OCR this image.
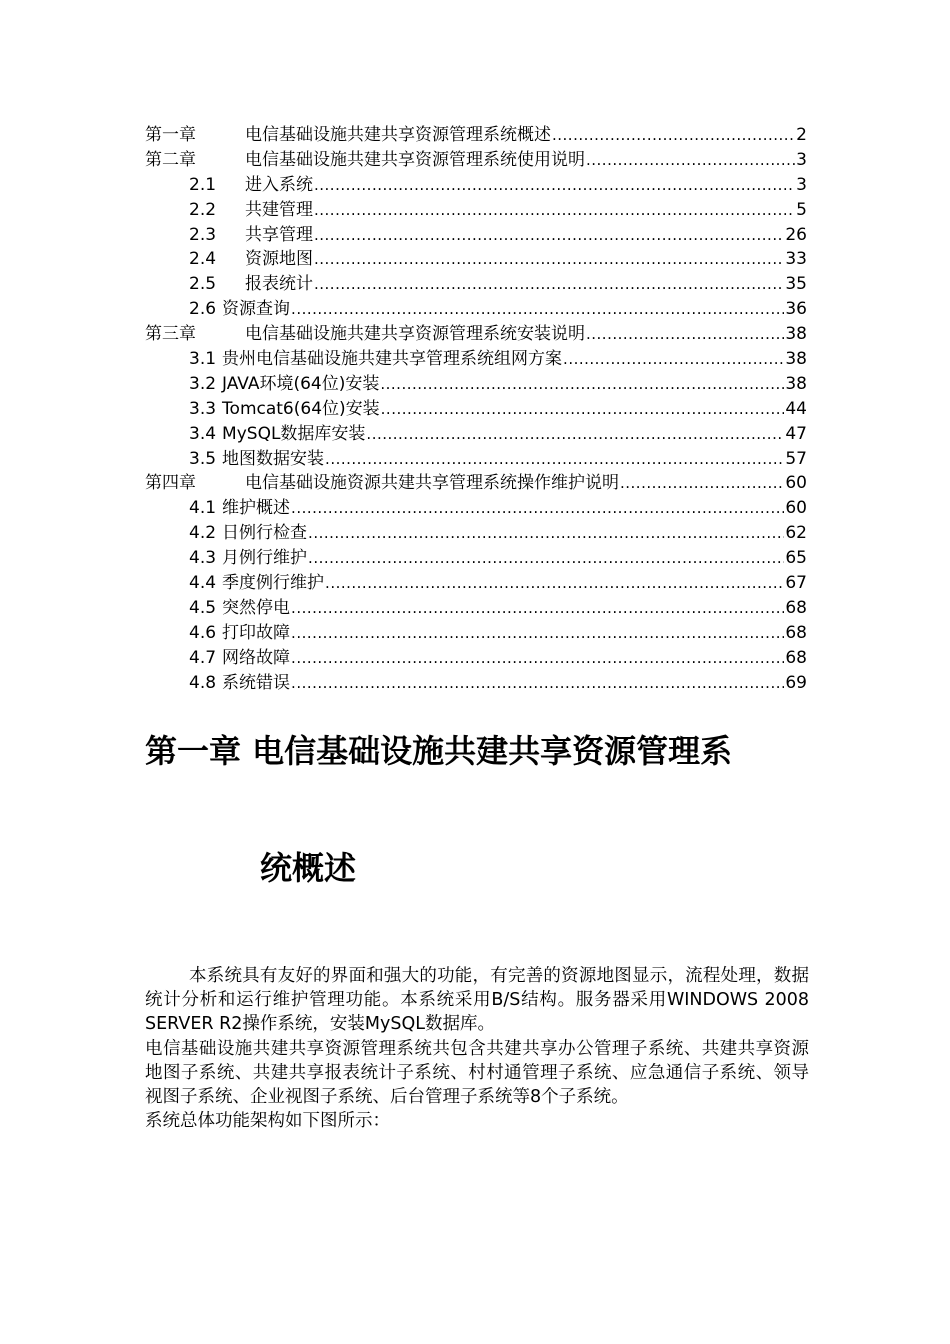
第一章	电信基础设施共建共享资源管理系统概述 .....	2
第二章	电信基础设施共建共享资源管理系统使用说明 .....	3
2.1	进入系统 .....	3
2.2	共建管理 .....	5
2.3	共享管理 .....	26
2.4	资源地图 .....	33
2.5	报表统计 .....	35
2.6 资源查询 .....	36
第三章	电信基础设施共建共享资源管理系统安装说明 .....	38
3.1 贵州电信基础设施共建共享管理系统组网方案 .....	38
3.2 JAVA环境(64位)安装 .....	38
3.3 Tomcat6(64位)安装 .....	44
3.4 MySQL数据库安装 .....	47
3.5 地图数据安装 .....	57
第四章	电信基础设施资源共建共享管理系统操作维护说明 .....	60
4.1 维护概述 .....	60
4.2 日例行检查 .....	62
4.3 月例行维护 .....	65
4.4 季度例行维护 .....	67
4.5 突然停电 .....	68
4.6 打印故障 .....	68
4.7 网络故障 .....	68
4.8 系统错误 .....	69
第一章 电信基础设施共建共享资源管理系
统概述

本系统具有友好的界面和强大的功能，有完善的资源地图显示，流程处理，数据统计分析和运行维护管理功能。本系统采用B/S结构。服务器采用WINDOWS 2008 SERVER R2操作系统，安装MySQL数据库。

电信基础设施共建共享资源管理系统共包含共建共享办公管理子系统、共建共享资源地图子系统、共建共享报表统计子系统、村村通管理子系统、应急通信子系统、领导视图子系统、企业视图子系统、后台管理子系统等8个子系统。

系统总体功能架构如下图所示：
